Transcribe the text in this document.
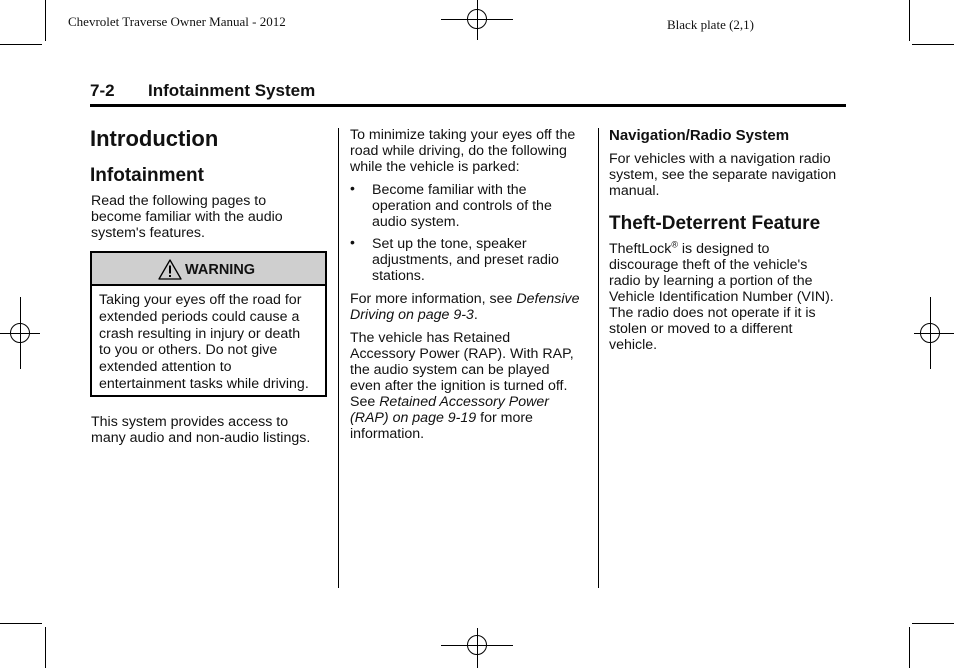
Chevrolet Traverse Owner Manual - 2012	Black plate (2,1)
7-2 Infotainment System
Introduction
Infotainment
Read the following pages to
become familiar with the audio
system's features.
WARNING
Taking your eyes off the road for
extended periods could cause a
crash resulting in injury or death
to you or others. Do not give
extended attention to
entertainment tasks while driving.
This system provides access to
many audio and non-audio listings.
To minimize taking your eyes off the
road while driving, do the following
while the vehicle is parked:
• Become familiar with the
operation and controls of the
audio system.
• Set up the tone, speaker
adjustments, and preset radio
stations.
For more information, see Defensive
Driving on page 9-3.
The vehicle has Retained
Accessory Power (RAP). With RAP,
the audio system can be played
even after the ignition is turned off.
See Retained Accessory Power
(RAP) on page 9-19 for more
information.
Navigation/Radio System
For vehicles with a navigation radio
system, see the separate navigation
manual.
Theft-Deterrent Feature
TheftLock® is designed to
discourage theft of the vehicle's
radio by learning a portion of the
Vehicle Identification Number (VIN).
The radio does not operate if it is
stolen or moved to a different
vehicle.
